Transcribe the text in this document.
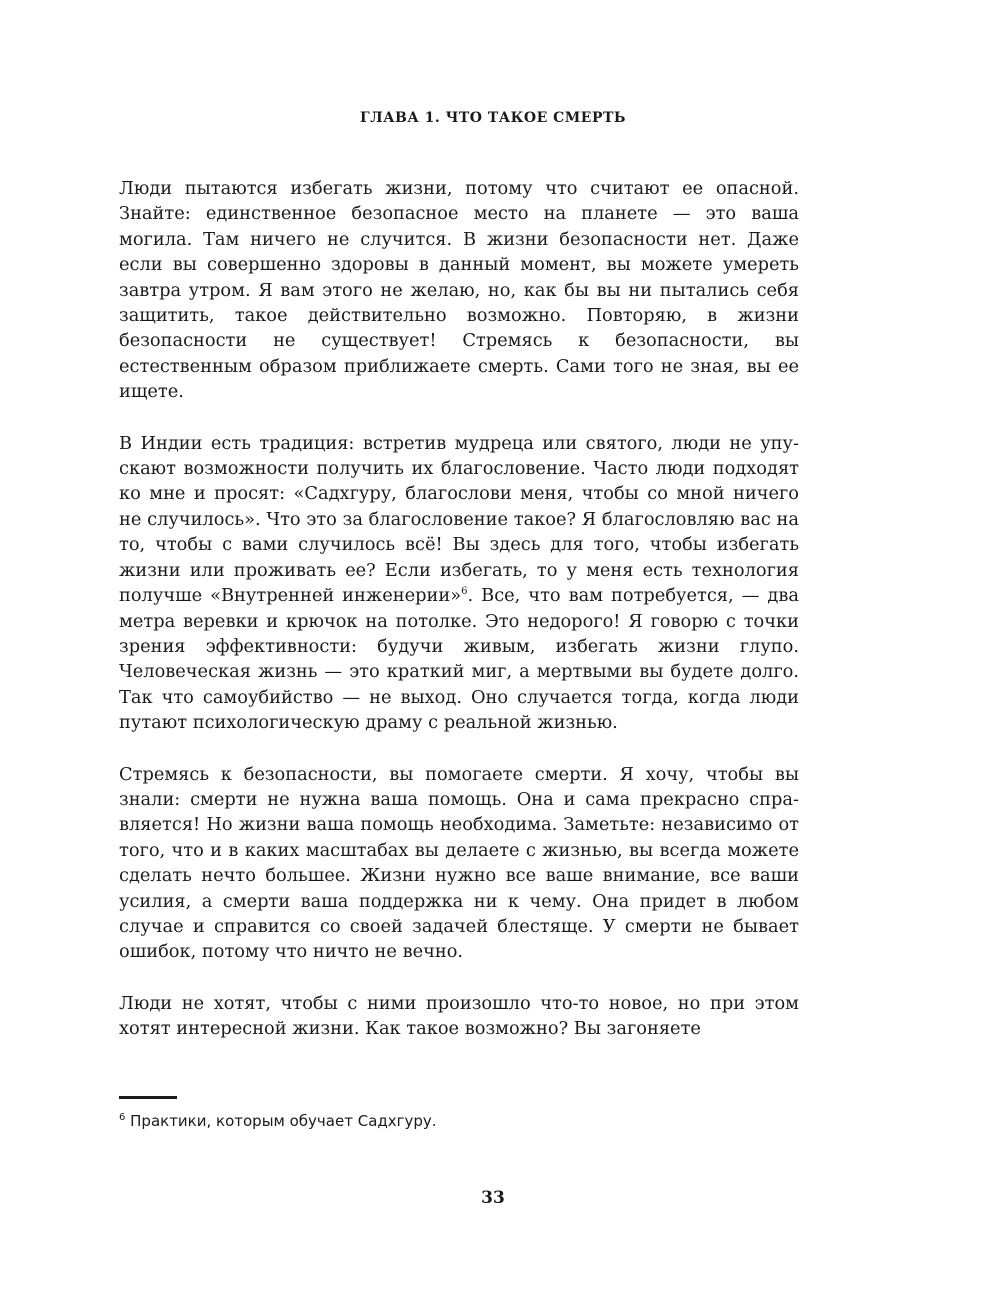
ГЛАВА 1. ЧТО ТАКОЕ СМЕРТЬ

Люди пытаются избегать жизни, потому что считают ее опасной. Знайте: единственное безопасное место на планете — это ваша могила. Там ничего не случится. В жизни безопасности нет. Даже если вы совершенно здоровы в данный момент, вы можете умереть завтра утром. Я вам этого не желаю, но, как бы вы ни пытались себя защитить, такое действительно возможно. Повторяю, в жизни безопасности не существует! Стремясь к безопасности, вы естественным образом приближаете смерть. Сами того не зная, вы ее ищете.

В Индии есть традиция: встретив мудреца или святого, люди не упускают возможности получить их благословение. Часто люди подходят ко мне и просят: «Садхгуру, благослови меня, чтобы со мной ничего не случилось». Что это за благословение такое? Я благословляю вас на то, чтобы с вами случилось всё! Вы здесь для того, чтобы избегать жизни или проживать ее? Если избегать, то у меня есть технология получше «Внутренней инженерии»$^6$. Все, что вам потребуется, — два метра веревки и крючок на потолке. Это недорого! Я говорю с точки зрения эффективности: будучи живым, избегать жизни глупо. Человеческая жизнь — это краткий миг, а мертвыми вы будете долго. Так что самоубийство — не выход. Оно случается тогда, когда люди путают психологическую драму с реальной жизнью.

Стремясь к безопасности, вы помогаете смерти. Я хочу, чтобы вы знали: смерти не нужна ваша помощь. Она и сама прекрасно справляется! Но жизни ваша помощь необходима. Заметьте: независимо от того, что и в каких масштабах вы делаете с жизнью, вы всегда можете сделать нечто большее. Жизни нужно все ваше внимание, все ваши усилия, а смерти ваша поддержка ни к чему. Она придет в любом случае и справится со своей задачей блестяще. У смерти не бывает ошибок, потому что ничто не вечно.

Люди не хотят, чтобы с ними произошло что-то новое, но при этом хотят интересной жизни. Как такое возможно? Вы загоняете

$^6$ Практики, которым обучает Садхгуру.
33
